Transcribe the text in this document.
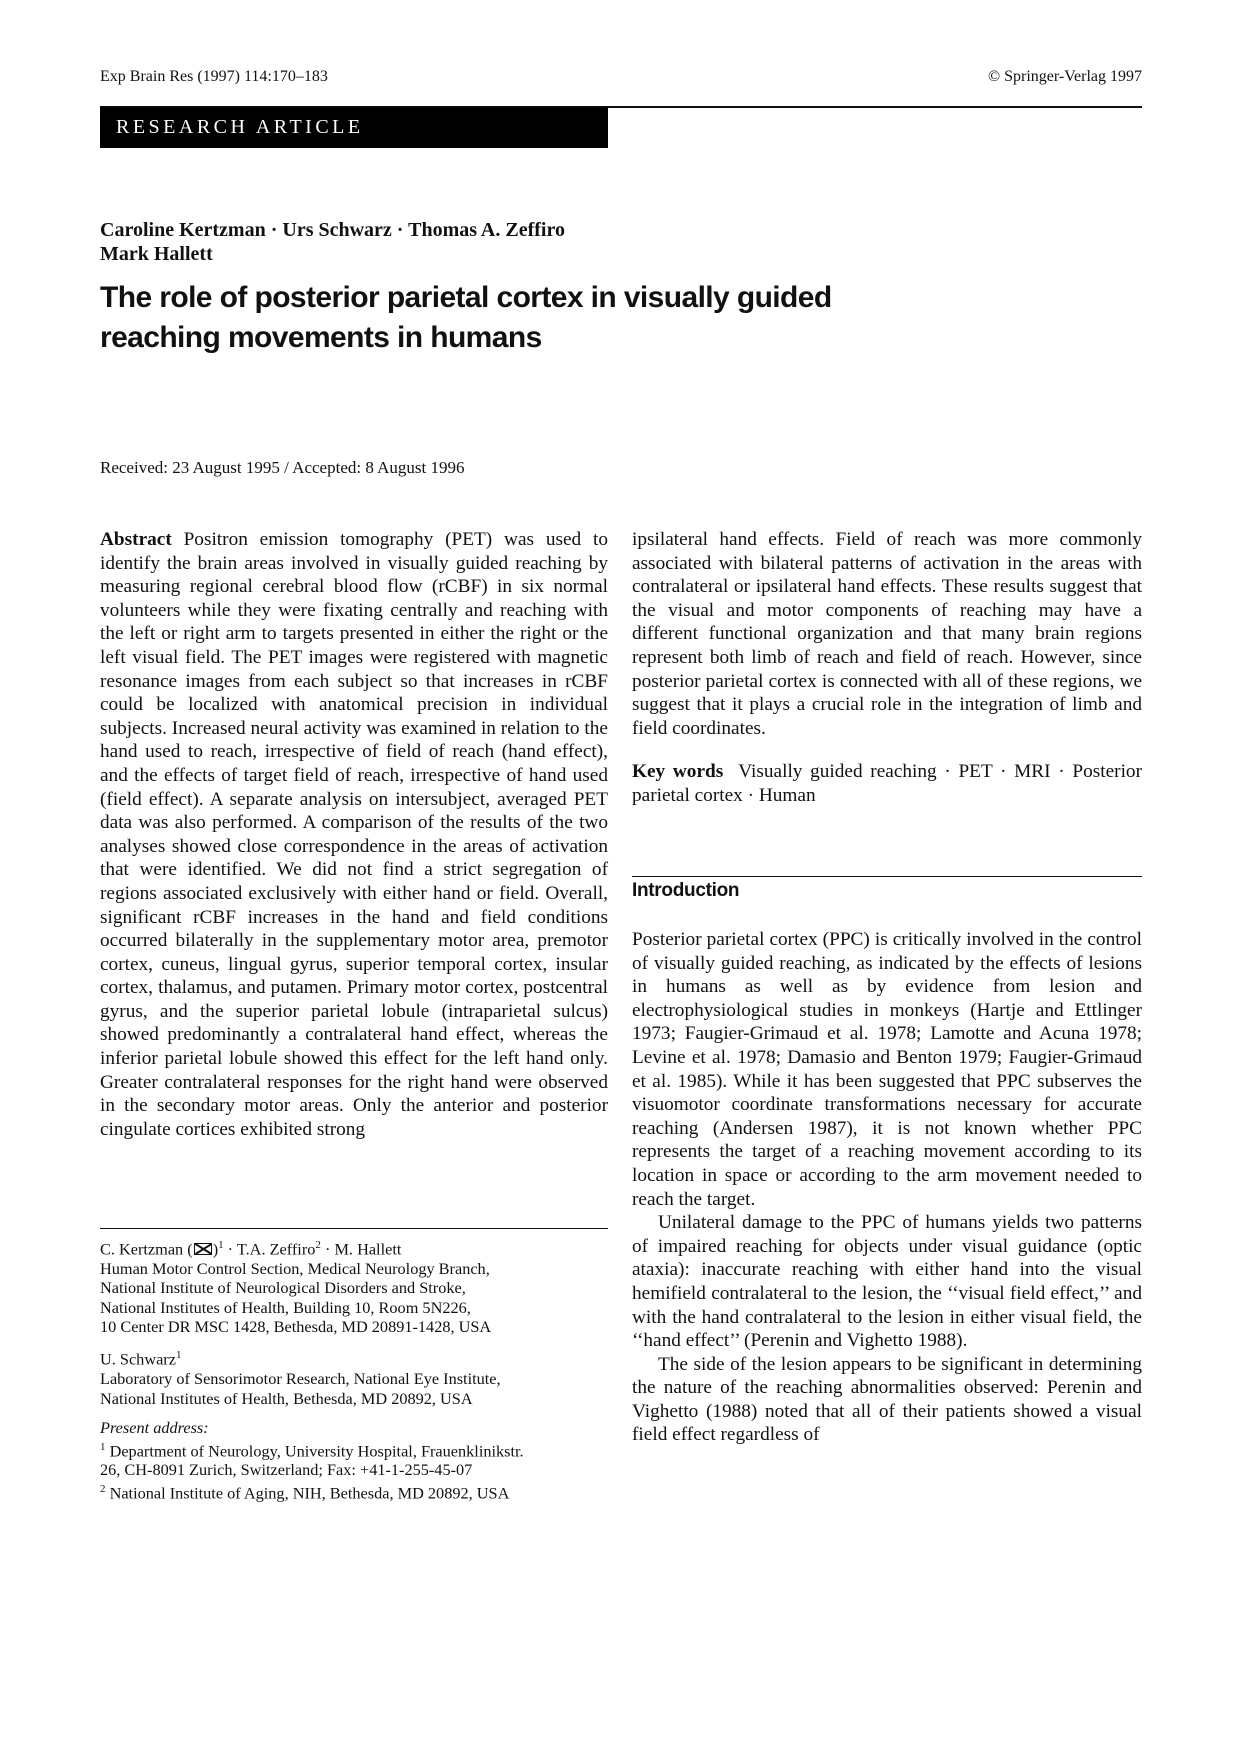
Exp Brain Res (1997) 114:170–183	© Springer-Verlag 1997
RESEARCH ARTICLE
Caroline Kertzman · Urs Schwarz · Thomas A. Zeffiro
Mark Hallett
The role of posterior parietal cortex in visually guided
reaching movements in humans
Received: 23 August 1995 / Accepted: 8 August 1996

Abstract Positron emission tomography (PET) was used to identify the brain areas involved in visually guided reaching by measuring regional cerebral blood flow (rCBF) in six normal volunteers while they were fixating centrally and reaching with the left or right arm to targets presented in either the right or the left visual field. The PET images were registered with magnetic resonance images from each subject so that increases in rCBF could be localized with anatomical precision in individual subjects. Increased neural activity was examined in relation to the hand used to reach, irrespective of field of reach (hand effect), and the effects of target field of reach, irrespective of hand used (field effect). A separate analysis on intersubject, averaged PET data was also performed. A comparison of the results of the two analyses showed close correspondence in the areas of activation that were identified. We did not find a strict segregation of regions associated exclusively with either hand or field. Overall, significant rCBF increases in the hand and field conditions occurred bilaterally in the supplementary motor area, premotor cortex, cuneus, lingual gyrus, superior temporal cortex, insular cortex, thalamus, and putamen. Primary motor cortex, postcentral gyrus, and the superior parietal lobule (intraparietal sulcus) showed predominantly a contralateral hand effect, whereas the inferior parietal lobule showed this effect for the left hand only. Greater contralateral responses for the right hand were observed in the secondary motor areas. Only the anterior and posterior cingulate cortices exhibited strong

C. Kertzman ( )$^1$ · T.A. Zeffiro$^2$ · M. Hallett
Human Motor Control Section, Medical Neurology Branch,
National Institute of Neurological Disorders and Stroke,
National Institutes of Health, Building 10, Room 5N226,
10 Center DR MSC 1428, Bethesda, MD 20891-1428, USA

U. Schwarz$^1$
Laboratory of Sensorimotor Research, National Eye Institute,
National Institutes of Health, Bethesda, MD 20892, USA

Present address:
$^1$ Department of Neurology, University Hospital, Frauenklinikstr.
26, CH-8091 Zurich, Switzerland; Fax: +41-1-255-45-07
$^2$ National Institute of Aging, NIH, Bethesda, MD 20892, USA

ipsilateral hand effects. Field of reach was more commonly associated with bilateral patterns of activation in the areas with contralateral or ipsilateral hand effects. These results suggest that the visual and motor components of reaching may have a different functional organization and that many brain regions represent both limb of reach and field of reach. However, since posterior parietal cortex is connected with all of these regions, we suggest that it plays a crucial role in the integration of limb and field coordinates.

Key words Visually guided reaching · PET · MRI · Posterior parietal cortex · Human

Introduction

Posterior parietal cortex (PPC) is critically involved in the control of visually guided reaching, as indicated by the effects of lesions in humans as well as by evidence from lesion and electrophysiological studies in monkeys (Hartje and Ettlinger 1973; Faugier-Grimaud et al. 1978; Lamotte and Acuna 1978; Levine et al. 1978; Damasio and Benton 1979; Faugier-Grimaud et al. 1985). While it has been suggested that PPC subserves the visuomotor coordinate transformations necessary for accurate reaching (Andersen 1987), it is not known whether PPC represents the target of a reaching movement according to its location in space or according to the arm movement needed to reach the target.

Unilateral damage to the PPC of humans yields two patterns of impaired reaching for objects under visual guidance (optic ataxia): inaccurate reaching with either hand into the visual hemifield contralateral to the lesion, the ‘‘visual field effect,’’ and with the hand contralateral to the lesion in either visual field, the ‘‘hand effect’’ (Perenin and Vighetto 1988).

The side of the lesion appears to be significant in determining the nature of the reaching abnormalities observed: Perenin and Vighetto (1988) noted that all of their patients showed a visual field effect regardless of
